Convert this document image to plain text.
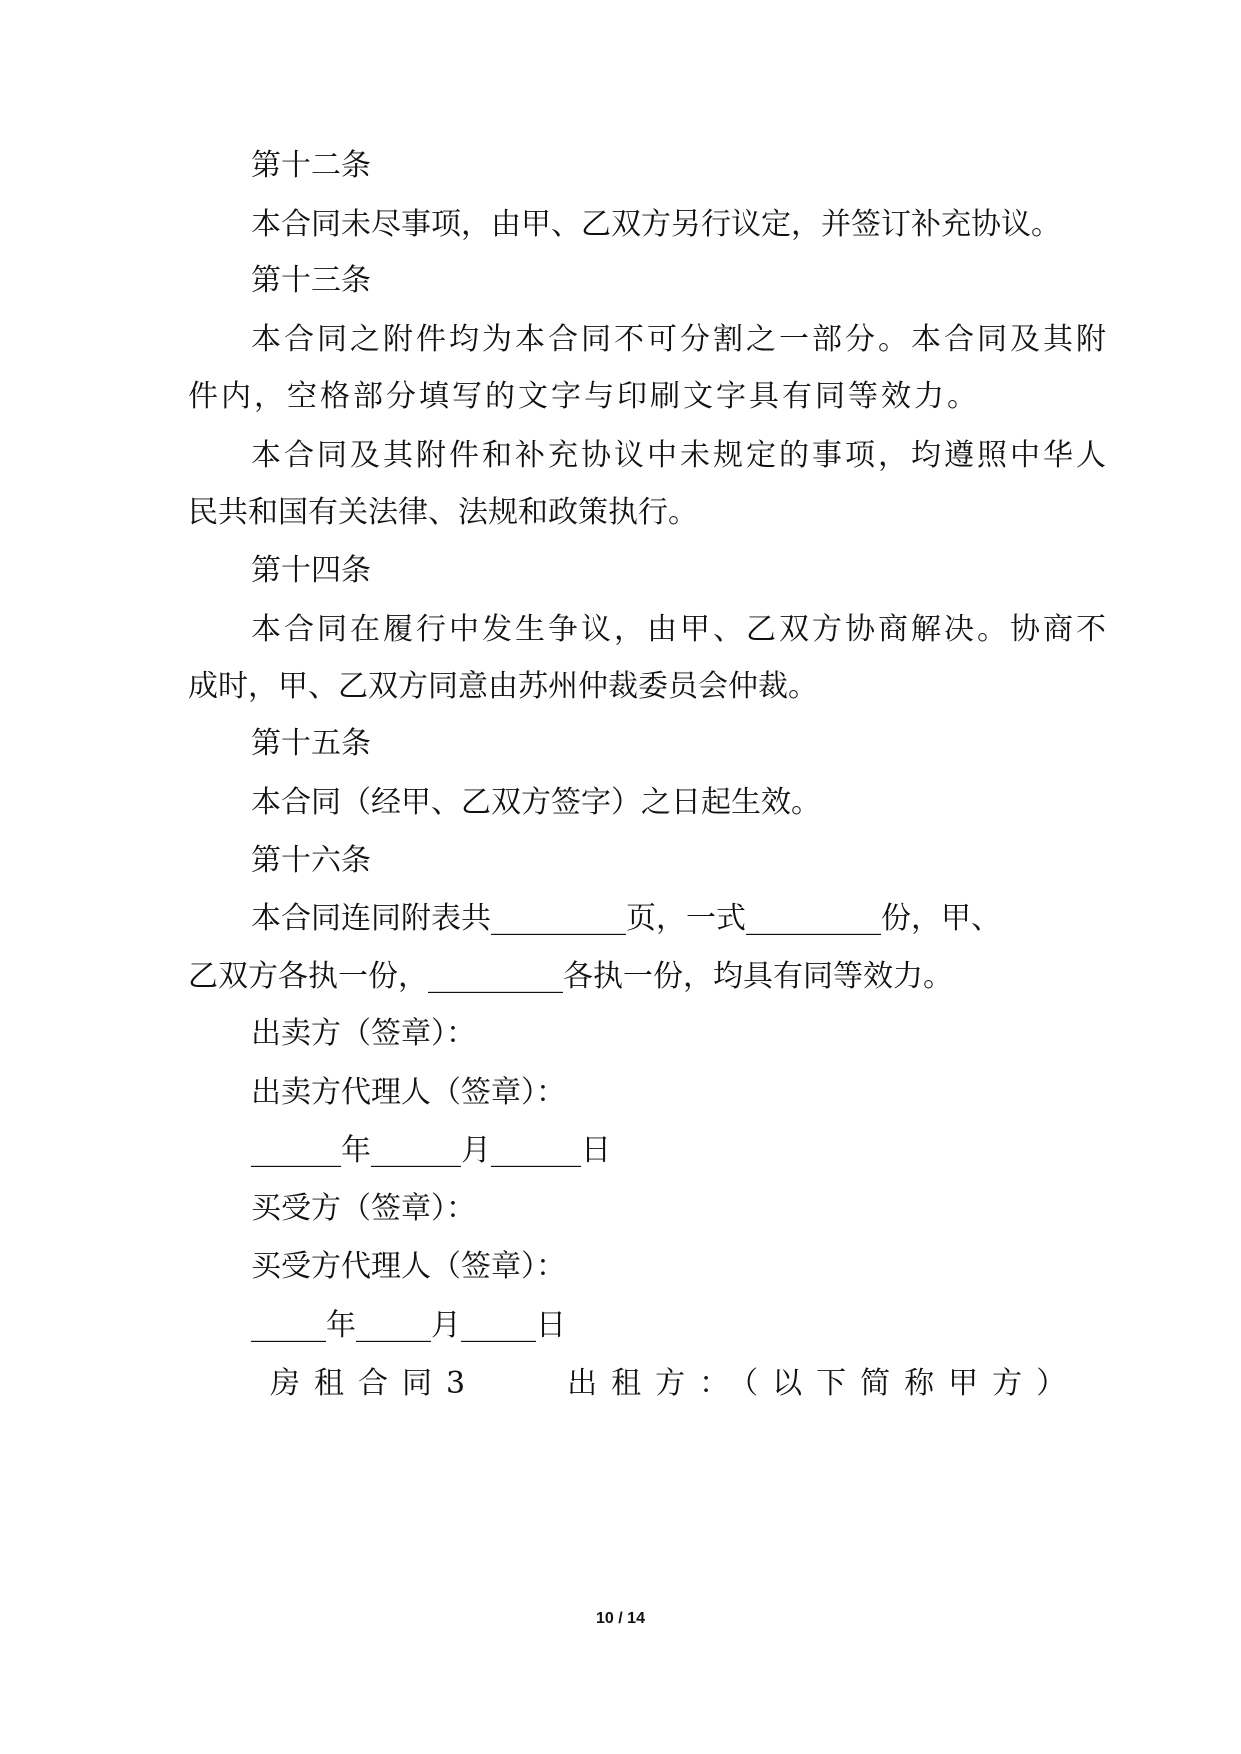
第十二条

本合同未尽事项，由甲、乙双方另行议定，并签订补充协议。

第十三条

本合同之附件均为本合同不可分割之一部分。本合同及其附

件内，空格部分填写的文字与印刷文字具有同等效力。

本合同及其附件和补充协议中未规定的事项，均遵照中华人

民共和国有关法律、法规和政策执行。

第十四条

本合同在履行中发生争议，由甲、乙双方协商解决。协商不

成时，甲、乙双方同意由苏州仲裁委员会仲裁。

第十五条

本合同（经甲、乙双方签字）之日起生效。

第十六条

本合同连同附表共_________页，一式_________份，甲、

乙双方各执一份，_________各执一份，均具有同等效力。

出卖方（签章）：

出卖方代理人（签章）：

______年______月______日

买受方（签章）：

买受方代理人（签章）：

_____年_____月_____日

房租合同3　　出租方：（以下简称甲方）

10 / 14
